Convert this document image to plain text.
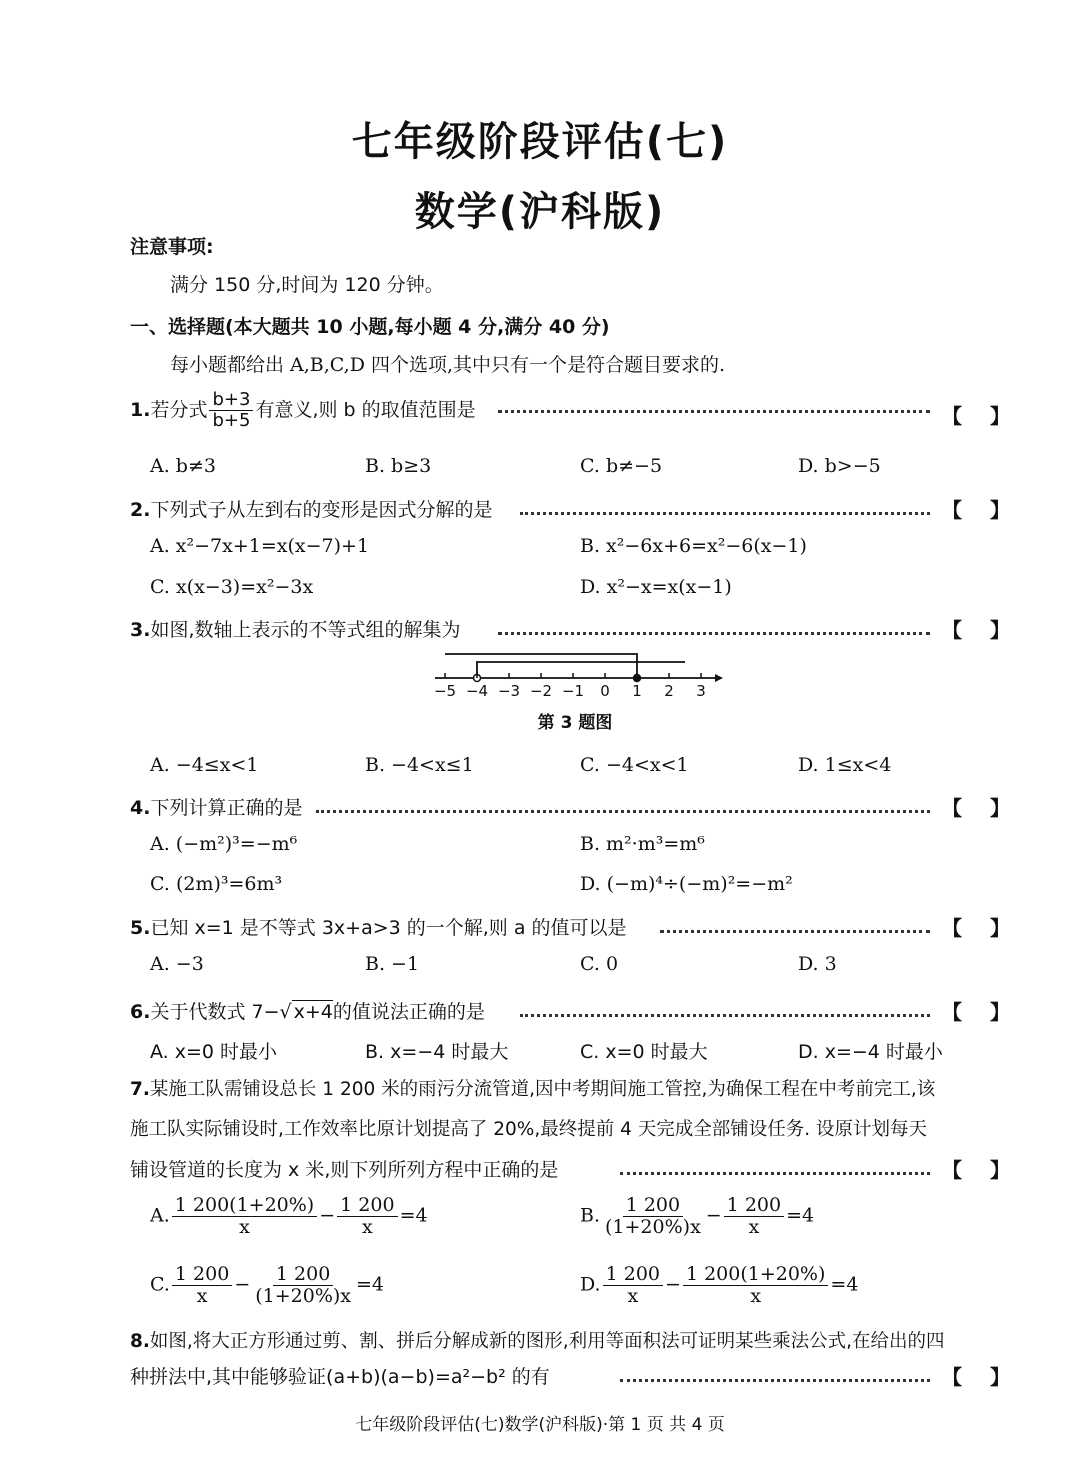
七年级阶段评估(七)
数学(沪科版)
注意事项:
满分 150 分,时间为 120 分钟。
一、选择题(本大题共 10 小题,每小题 4 分,满分 40 分)
每小题都给出 A,B,C,D 四个选项,其中只有一个是符合题目要求的.
1.若分式 $\frac{b+3}{b+5}$ 有意义,则 b 的取值范围是	【 】
A. b≠3	B. b≥3	C. b≠−5	D. b>−5
2.下列式子从左到右的变形是因式分解的是	【 】
A. x²−7x+1=x(x−7)+1	B. x²−6x+6=x²−6(x−1)
C. x(x−3)=x²−3x	D. x²−x=x(x−1)
3.如图,数轴上表示的不等式组的解集为	【 】
−5 −4 −3 −2 −1	0	1	2	3
第 3 题图
A. −4≤x<1	B. −4<x≤1	C. −4<x<1	D. 1≤x<4
4.下列计算正确的是	【 】
A. (−m²)³=−m⁶	B. m²·m³=m⁶
C. (2m)³=6m³	D. (−m)⁴÷(−m)²=−m²
5.已知 x=1 是不等式 3x+a>3 的一个解,则 a 的值可以是	【 】
A. −3	B. −1	C. 0	D. 3
6.关于代数式 7−√ x+4的值说法正确的是	【 】
A. x=0 时最小	B. x=−4 时最大	C. x=0 时最大	D. x=−4 时最小
7.某施工队需铺设总长 1 200 米的雨污分流管道,因中考期间施工管控,为确保工程在中考前完工,该
施工队实际铺设时,工作效率比原计划提高了 20%,最终提前 4 天完成全部铺设任务. 设原计划每天
铺设管道的长度为 x 米,则下列所列方程中正确的是	【 】
A. $\frac{1 200(1+20\%)}{x} - \frac{1 200}{x} =4$	B. $\frac{1 200}{(1+20\%)x} - \frac{1 200}{x} =4$
C. $\frac{1 200}{x} - \frac{1 200}{(1+20\%)x} =4$	D. $\frac{1 200}{x} - \frac{1 200(1+20\%)}{x} =4$
8.如图,将大正方形通过剪、割、拼后分解成新的图形,利用等面积法可证明某些乘法公式,在给出的四
种拼法中,其中能够验证(a+b)(a−b)=a²−b² 的有	【 】
七年级阶段评估(七)数学(沪科版)·第 1 页 共 4 页
